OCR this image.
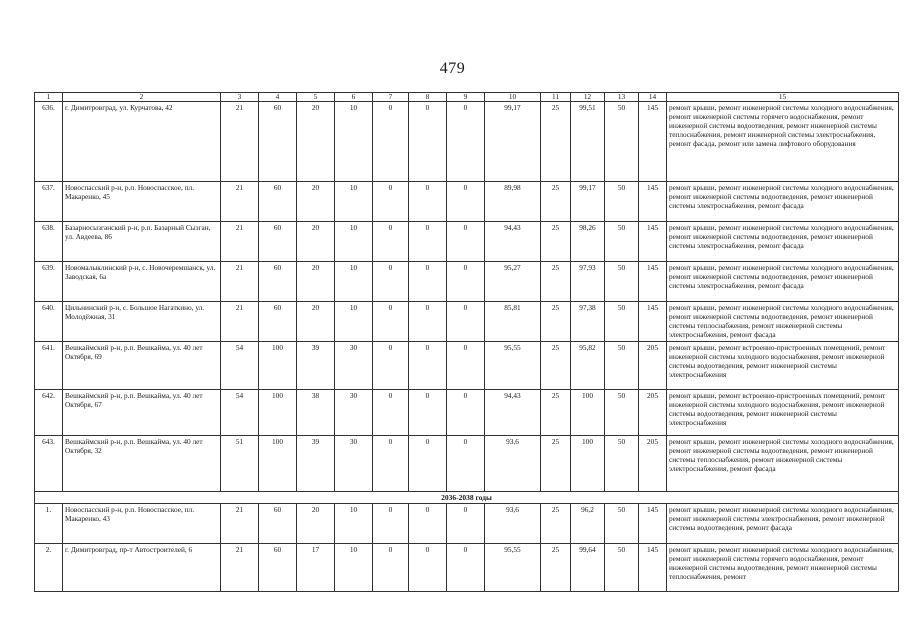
479
1	2	3	4	5	6	7	8	9	10	11	12	13	14	15
636.	г. Димитровград, ул. Курчатова, 42	21	60	20	10	0	0	0	99,17	25	99,51	50	145	ремонт крыши, ремонт инженерной системы холодного водоснабжения, ремонт инженерной системы горячего водоснабжения, ремонт инженерной системы водоотведения, ремонт инженерной системы теплоснабжения, ремонт инженерной системы электроснабжения, ремонт фасада, ремонт или замена лифтового оборудования
637.	Новоспасский р-н, р.п. Новоспасское, пл. Макаренко, 45	21	60	20	10	0	0	0	89,98	25	99,17	50	145	ремонт крыши, ремонт инженерной системы холодного водоснабжения, ремонт инженерной системы водоотведения, ремонт инженерной системы электроснабжения, ремонт фасада
638.	Базарносызганский р-н, р.п. Базарный Сызган, ул. Авдеева, 86	21	60	20	10	0	0	0	94,43	25	98,26	50	145	ремонт крыши, ремонт инженерной системы холодного водоснабжения, ремонт инженерной системы водоотведения, ремонт инженерной системы электроснабжения, ремонт фасада
639.	Новомалыклинский р-н, с. Новочеремшанск, ул. Заводская, 6а	21	60	20	10	0	0	0	95,27	25	97,93	50	145	ремонт крыши, ремонт инженерной системы холодного водоснабжения, ремонт инженерной системы водоотведения, ремонт инженерной системы электроснабжения, ремонт фасада
640.	Цильнинский р-н, с. Большое Нагаткино, ул. Молодёжная, 31	21	60	20	10	0	0	0	85,81	25	97,38	50	145	ремонт крыши, ремонт инженерной системы холодного водоснабжения, ремонт инженерной системы водоотведения, ремонт инженерной системы теплоснабжения, ремонт инженерной системы электроснабжения, ремонт фасада
641.	Вешкаймский р-н, р.п. Вешкайма, ул. 40 лет Октября, 69	54	100	39	30	0	0	0	95,55	25	95,82	50	205	ремонт крыши, ремонт встроенно-пристроенных помещений, ремонт инженерной системы холодного водоснабжения, ремонт инженерной системы водоотведения, ремонт инженерной системы электроснабжения
642.	Вешкаймский р-н, р.п. Вешкайма, ул. 40 лет Октября, 67	54	100	38	30	0	0	0	94,43	25	100	50	205	ремонт крыши, ремонт встроенно-пристроенных помещений, ремонт инженерной системы холодного водоснабжения, ремонт инженерной системы водоотведения, ремонт инженерной системы электроснабжения
643.	Вешкаймский р-н, р.п. Вешкайма, ул. 40 лет Октября, 32	51	100	39	30	0	0	0	93,6	25	100	50	205	ремонт крыши, ремонт инженерной системы холодного водоснабжения, ремонт инженерной системы водоотведения, ремонт инженерной системы теплоснабжения, ремонт инженерной системы электроснабжения, ремонт фасада
2036-2038 годы														
1.	Новоспасский р-н, р.п. Новоспасское, пл. Макаренко, 43	21	60	20	10	0	0	0	93,6	25	96,2	50	145	ремонт крыши, ремонт инженерной системы холодного водоснабжения, ремонт инженерной системы электроснабжения, ремонт инженерной системы водоотведения, ремонт фасада
2.	г. Димитровград, пр-т Автостроителей, 6	21	60	17	10	0	0	0	95,55	25	99,64	50	145	ремонт крыши, ремонт инженерной системы холодного водоснабжения, ремонт инженерной системы горячего водоснабжения, ремонт инженерной системы водоотведения, ремонт инженерной системы теплоснабжения, ремонт
